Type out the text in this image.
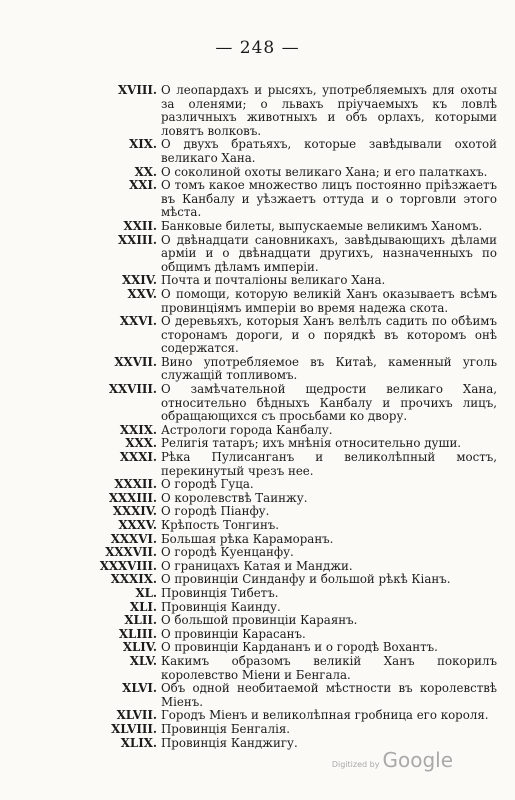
— 248 —
XVIII. О леопардахъ и рысяхъ, употребляемыхъ для охоты за оленями; о львахъ пріучаемыхъ къ ловлѣ различныхъ животныхъ и объ орлахъ, которыми ловятъ волковъ.
XIX. О двухъ братьяхъ, которые завѣдывали охотой великаго Хана.
XX. О соколиной охоты великаго Хана; и его палаткахъ.
XXI. О томъ какое множество лицъ постоянно пріѣзжаетъ въ Канбалу и уѣзжаетъ оттуда и о торговли этого мѣста.
XXII. Банковые билеты, выпускаемые великимъ Ханомъ.
XXIII. О двѣнадцати сановникахъ, завѣдывающихъ дѣлами арміи и о двѣнадцати другихъ, назначенныхъ по общимъ дѣламъ имперіи.
XXIV. Почта и почталіоны великаго Хана.
XXV. О помощи, которую великій Ханъ оказываетъ всѣмъ провинціямъ имперіи во время надежа скота.
XXVI. О деревьяхъ, которыя Ханъ велѣлъ садить по обѣимъ сторонамъ дороги, и о порядкѣ въ которомъ онѣ содержатся.
XXVII. Вино употребляемое въ Китаѣ, каменный уголь служащій топливомъ.
XXVIII. О замѣчательной щедрости великаго Хана, относительно бѣдныхъ Канбалу и прочихъ лицъ, обращающихся съ просьбами ко двору.
XXIX. Астрологи города Канбалу.
XXX. Религія татаръ; ихъ мнѣнія относительно души.
XXXI. Рѣка Пулисанганъ и великолѣпный мостъ, перекинутый чрезъ нее.
XXXII. О городѣ Гуца.
XXXIII. О королевствѣ Таинжу.
XXXIV. О городѣ Піанфу.
XXXV. Крѣпость Тонгинъ.
XXXVI. Большая рѣка Караморанъ.
XXXVII. О городѣ Куенцанфу.
XXXVIII. О границахъ Катая и Манджи.
XXXIX. О провинціи Синданфу и большой рѣкѣ Кіанъ.
XL. Провинція Тибетъ.
XLI. Провинція Каинду.
XLII. О большой провинціи Караянъ.
XLIII. О провинціи Карасанъ.
XLIV. О провинціи Кардананъ и о городѣ Вохантъ.
XLV. Какимъ образомъ великій Ханъ покорилъ королевство Міени и Бенгала.
XLVI. Объ одной необитаемой мѣстности въ королевствѣ Міенъ.
XLVII. Городъ Міенъ и великолѣпная гробница его короля.
XLVIII. Провинція Бенгалія.
XLIX. Провинція Канджигу.
Digitized by Google
